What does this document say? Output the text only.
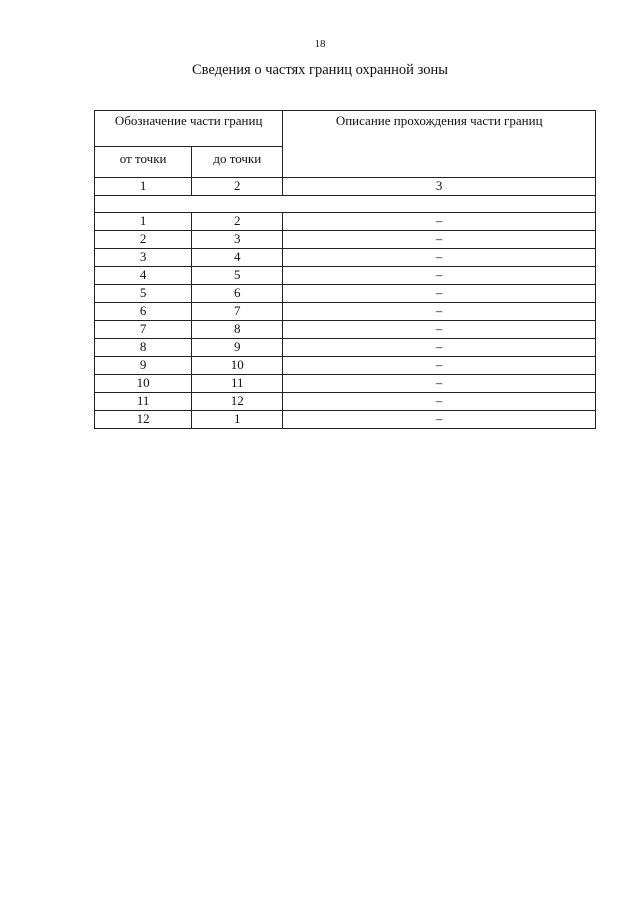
18
Сведения о частях границ охранной зоны
Обозначение части границ		Описание прохождения части границ
от точки	до точки	
1	2	3

1	2	–
2	3	–
3	4	–
4	5	–
5	6	–
6	7	–
7	8	–
8	9	–
9	10	–
10	11	–
11	12	–
12	1	–
